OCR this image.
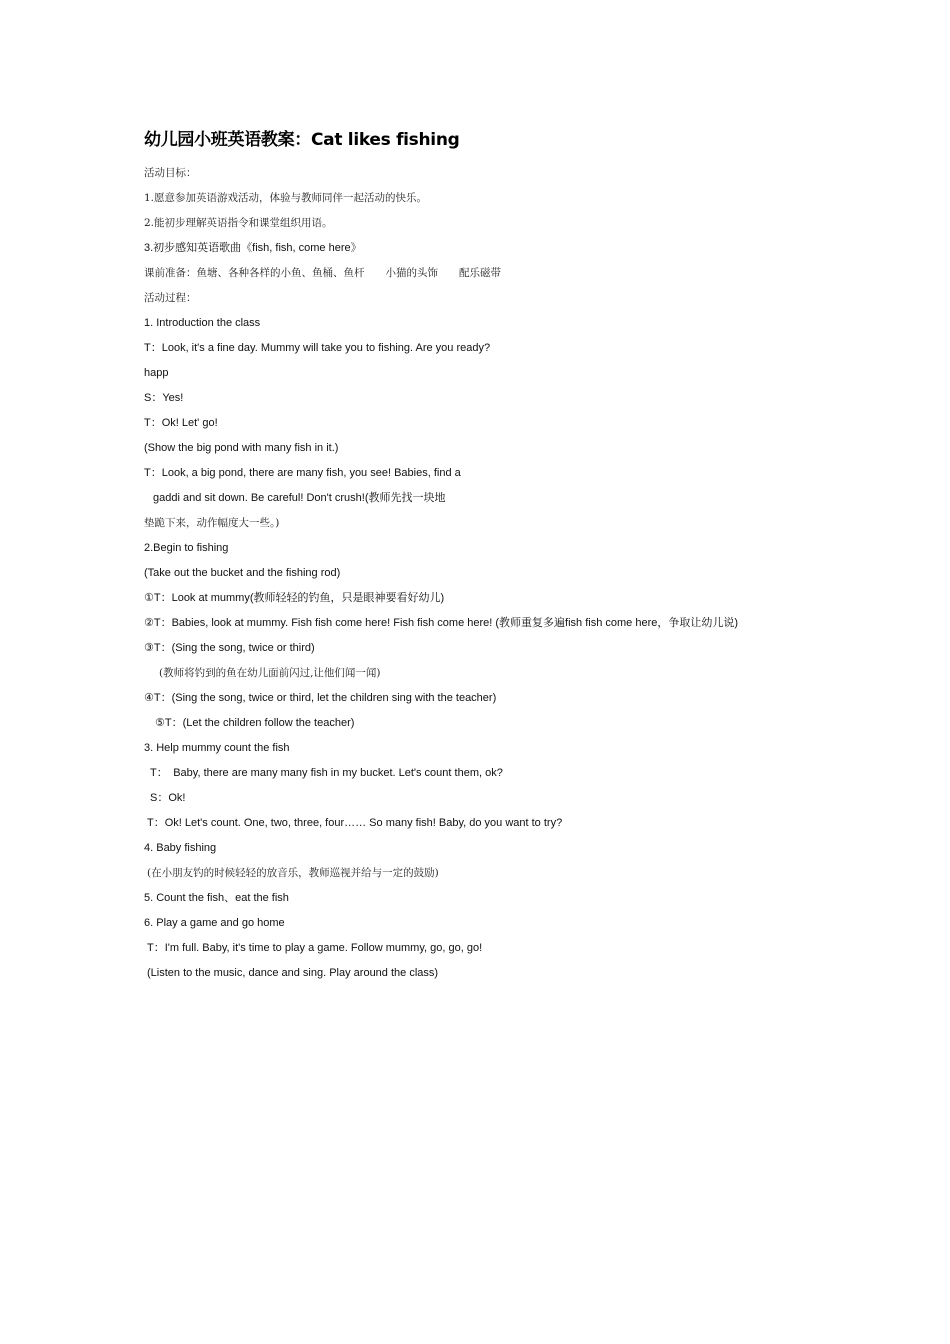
幼儿园小班英语教案：Cat likes fishing
活动目标：
1.愿意参加英语游戏活动，体验与教师同伴一起活动的快乐。
2.能初步理解英语指令和课堂组织用语。
3.初步感知英语歌曲《fish, fish, come here》
课前准备：鱼塘、各种各样的小鱼、鱼桶、鱼杆　　小猫的头饰　　配乐磁带
活动过程：
1. Introduction the class
T：Look, it's a fine day. Mummy will take you to fishing. Are you ready?
happ
S：Yes!
T：Ok! Let' go!
(Show the big pond with many fish in it.)
T：Look, a big pond, there are many fish, you see! Babies, find a
gaddi and sit down. Be careful! Don't crush!(教师先找一块地
垫跪下来，动作幅度大一些。)
2.Begin to fishing
(Take out the bucket and the fishing rod)
①T：Look at mummy(教师轻轻的钓鱼，只是眼神要看好幼儿)
②T：Babies, look at mummy. Fish fish come here! Fish fish come here! (教师重复多遍fish fish come here，争取让幼儿说)
③T：(Sing the song, twice or third)
(教师将钓到的鱼在幼儿面前闪过,让他们闻一闻)
④T：(Sing the song, twice or third, let the children sing with the teacher)
⑤T：(Let the children follow the teacher)
3. Help mummy count the fish
T：　Baby, there are many many fish in my bucket. Let's count them, ok?
S：Ok!
T：Ok! Let's count. One, two, three, four…… So many fish! Baby, do you want to try?
4. Baby fishing
(在小朋友钓的时候轻轻的放音乐，教师巡视并给与一定的鼓励)
5. Count the fish、eat the fish
6. Play a game and go home
T：I'm full. Baby, it's time to play a game. Follow mummy, go, go, go!
(Listen to the music, dance and sing. Play around the class)
